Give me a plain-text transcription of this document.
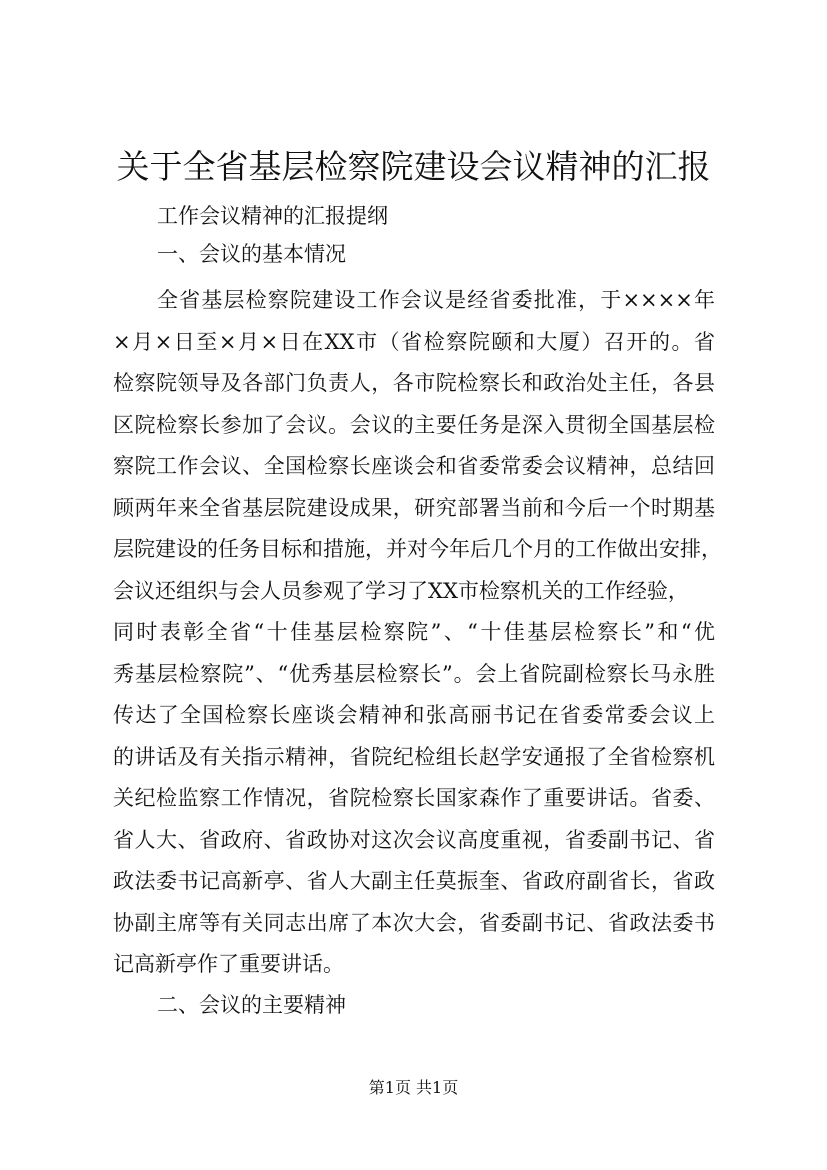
关于全省基层检察院建设会议精神的汇报

工作会议精神的汇报提纲

一、会议的基本情况

全省基层检察院建设工作会议是经省委批准，于××××年
×月×日至×月×日在XX市（省检察院颐和大厦）召开的。省
检察院领导及各部门负责人，各市院检察长和政治处主任，各县
区院检察长参加了会议。会议的主要任务是深入贯彻全国基层检
察院工作会议、全国检察长座谈会和省委常委会议精神，总结回
顾两年来全省基层院建设成果，研究部署当前和今后一个时期基
层院建设的任务目标和措施，并对今年后几个月的工作做出安排，
会议还组织与会人员参观了学习了XX市检察机关的工作经验，
同时表彰全省“十佳基层检察院”、“十佳基层检察长”和“优
秀基层检察院”、“优秀基层检察长”。会上省院副检察长马永胜
传达了全国检察长座谈会精神和张高丽书记在省委常委会议上
的讲话及有关指示精神，省院纪检组长赵学安通报了全省检察机
关纪检监察工作情况，省院检察长国家森作了重要讲话。省委、
省人大、省政府、省政协对这次会议高度重视，省委副书记、省
政法委书记高新亭、省人大副主任莫振奎、省政府副省长，省政
协副主席等有关同志出席了本次大会，省委副书记、省政法委书
记高新亭作了重要讲话。

二、会议的主要精神

第1页 共1页
